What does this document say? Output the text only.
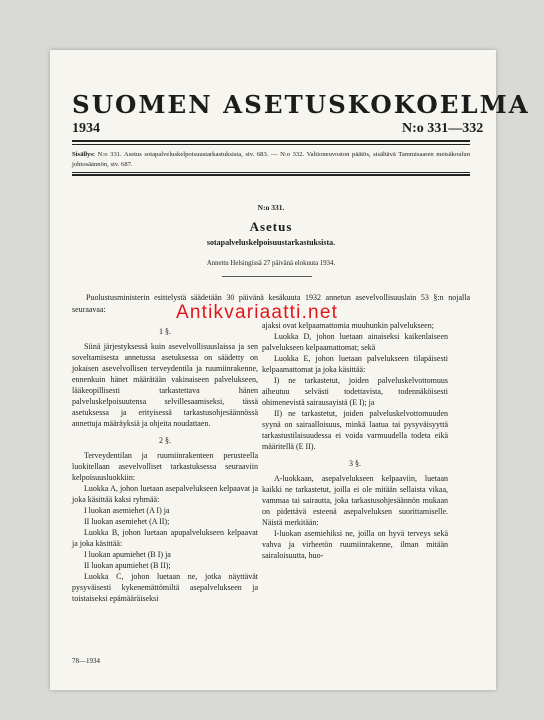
SUOMEN ASETUSKOKOELMA
1934	N:o 331—332
Sisällys: N:o 331. Asetus sotapalveluskelpoisuustarkastuksista, siv. 683. — N:o 332. Valtioneuvoston päätös, sisältävä Tammisaaren metsäkoulun johtosäännön, siv. 687.
N:o 331.
Asetus
sotapalveluskelpoisuustarkastuksista.
Annettu Helsingissä 27 päivänä elokuuta 1934.
Puolustusministerin esittelystä säädetään 30 päivänä kesäkuuta 1932 annetun asevelvollisuuslain 53 §:n nojalla seuraavaa:

1 §.

Siinä järjestyksessä kuin asevelvollisuuslaissa ja sen soveltamisesta annetussa asetuksessa on säädetty on jokaisen asevelvollisen terveydentila ja ruumiinrakenne, ennenkuin hänet määrätään vakinaiseen palvelukseen, lääkeopillisesti tarkastettava hänen palveluskelpoisuutensa selvillesaamiseksi, tässä asetuksessa ja erityisessä tarkastusohjesäännössä annettuja määräyksiä ja ohjeita noudattaen.

2 §.

Terveydentilan ja ruumiinrakenteen perusteella luokitellaan asevelvolliset tarkastuksessa seuraaviin kelpoisuusluokkiin:

Luokka A, johon luetaan asepalvelukseen kelpaavat ja joka käsittää kaksi ryhmää:

I luokan asemiehet (A I) ja

II luokan asemiehet (A II);

Luokka B, johon luetaan apupalvelukseen kelpaavat ja joka käsittää:

I luokan apumiehet (B I) ja

II luokan apumiehet (B II);

Luokka C, johon luetaan ne, jotka näyttävät pysyväisesti kykenemättömiltä asepalvelukseen ja toistaiseksi epämääräiseksi

ajaksi ovat kelpaamattomia muuhunkin palvelukseen;

Luokka D, johon luetaan ainaiseksi kaikenlaiseen palvelukseen kelpaamattomat; sekä

Luokka E, johon luetaan palvelukseen tilapäisesti kelpaamattomat ja joka käsittää:

I) ne tarkastetut, joiden palveluskelvottomuus aiheutuu selvästi todettavista, todennäköisesti ohimenevistä sairausayistä (E I); ja

II) ne tarkastetut, joiden palveluskelvottomuuden syynä on sairaalloisuus, minkä laatua tai pysyväisyyttä tarkastustilaisuudessa ei voida varmuudella todeta eikä määritellä (E II).

3 §.

A-luokkaan, asepalvelukseen kelpaaviin, luetaan kaikki ne tarkastetut, joilla ei ole mitään sellaista vikaa, vammaa tai sairautta, joka tarkastusohjesäännön mukaan on pidettävä esteenä asepalveluksen suorittamiselle. Näistä merkitään:

I-luokan asemiehiksi ne, joilla on hyvä terveys sekä vahva ja virheetön ruumiinrakenne, ilman mitään sairaloisuutta, huo-

Antikvariaatti.net
78—1934
